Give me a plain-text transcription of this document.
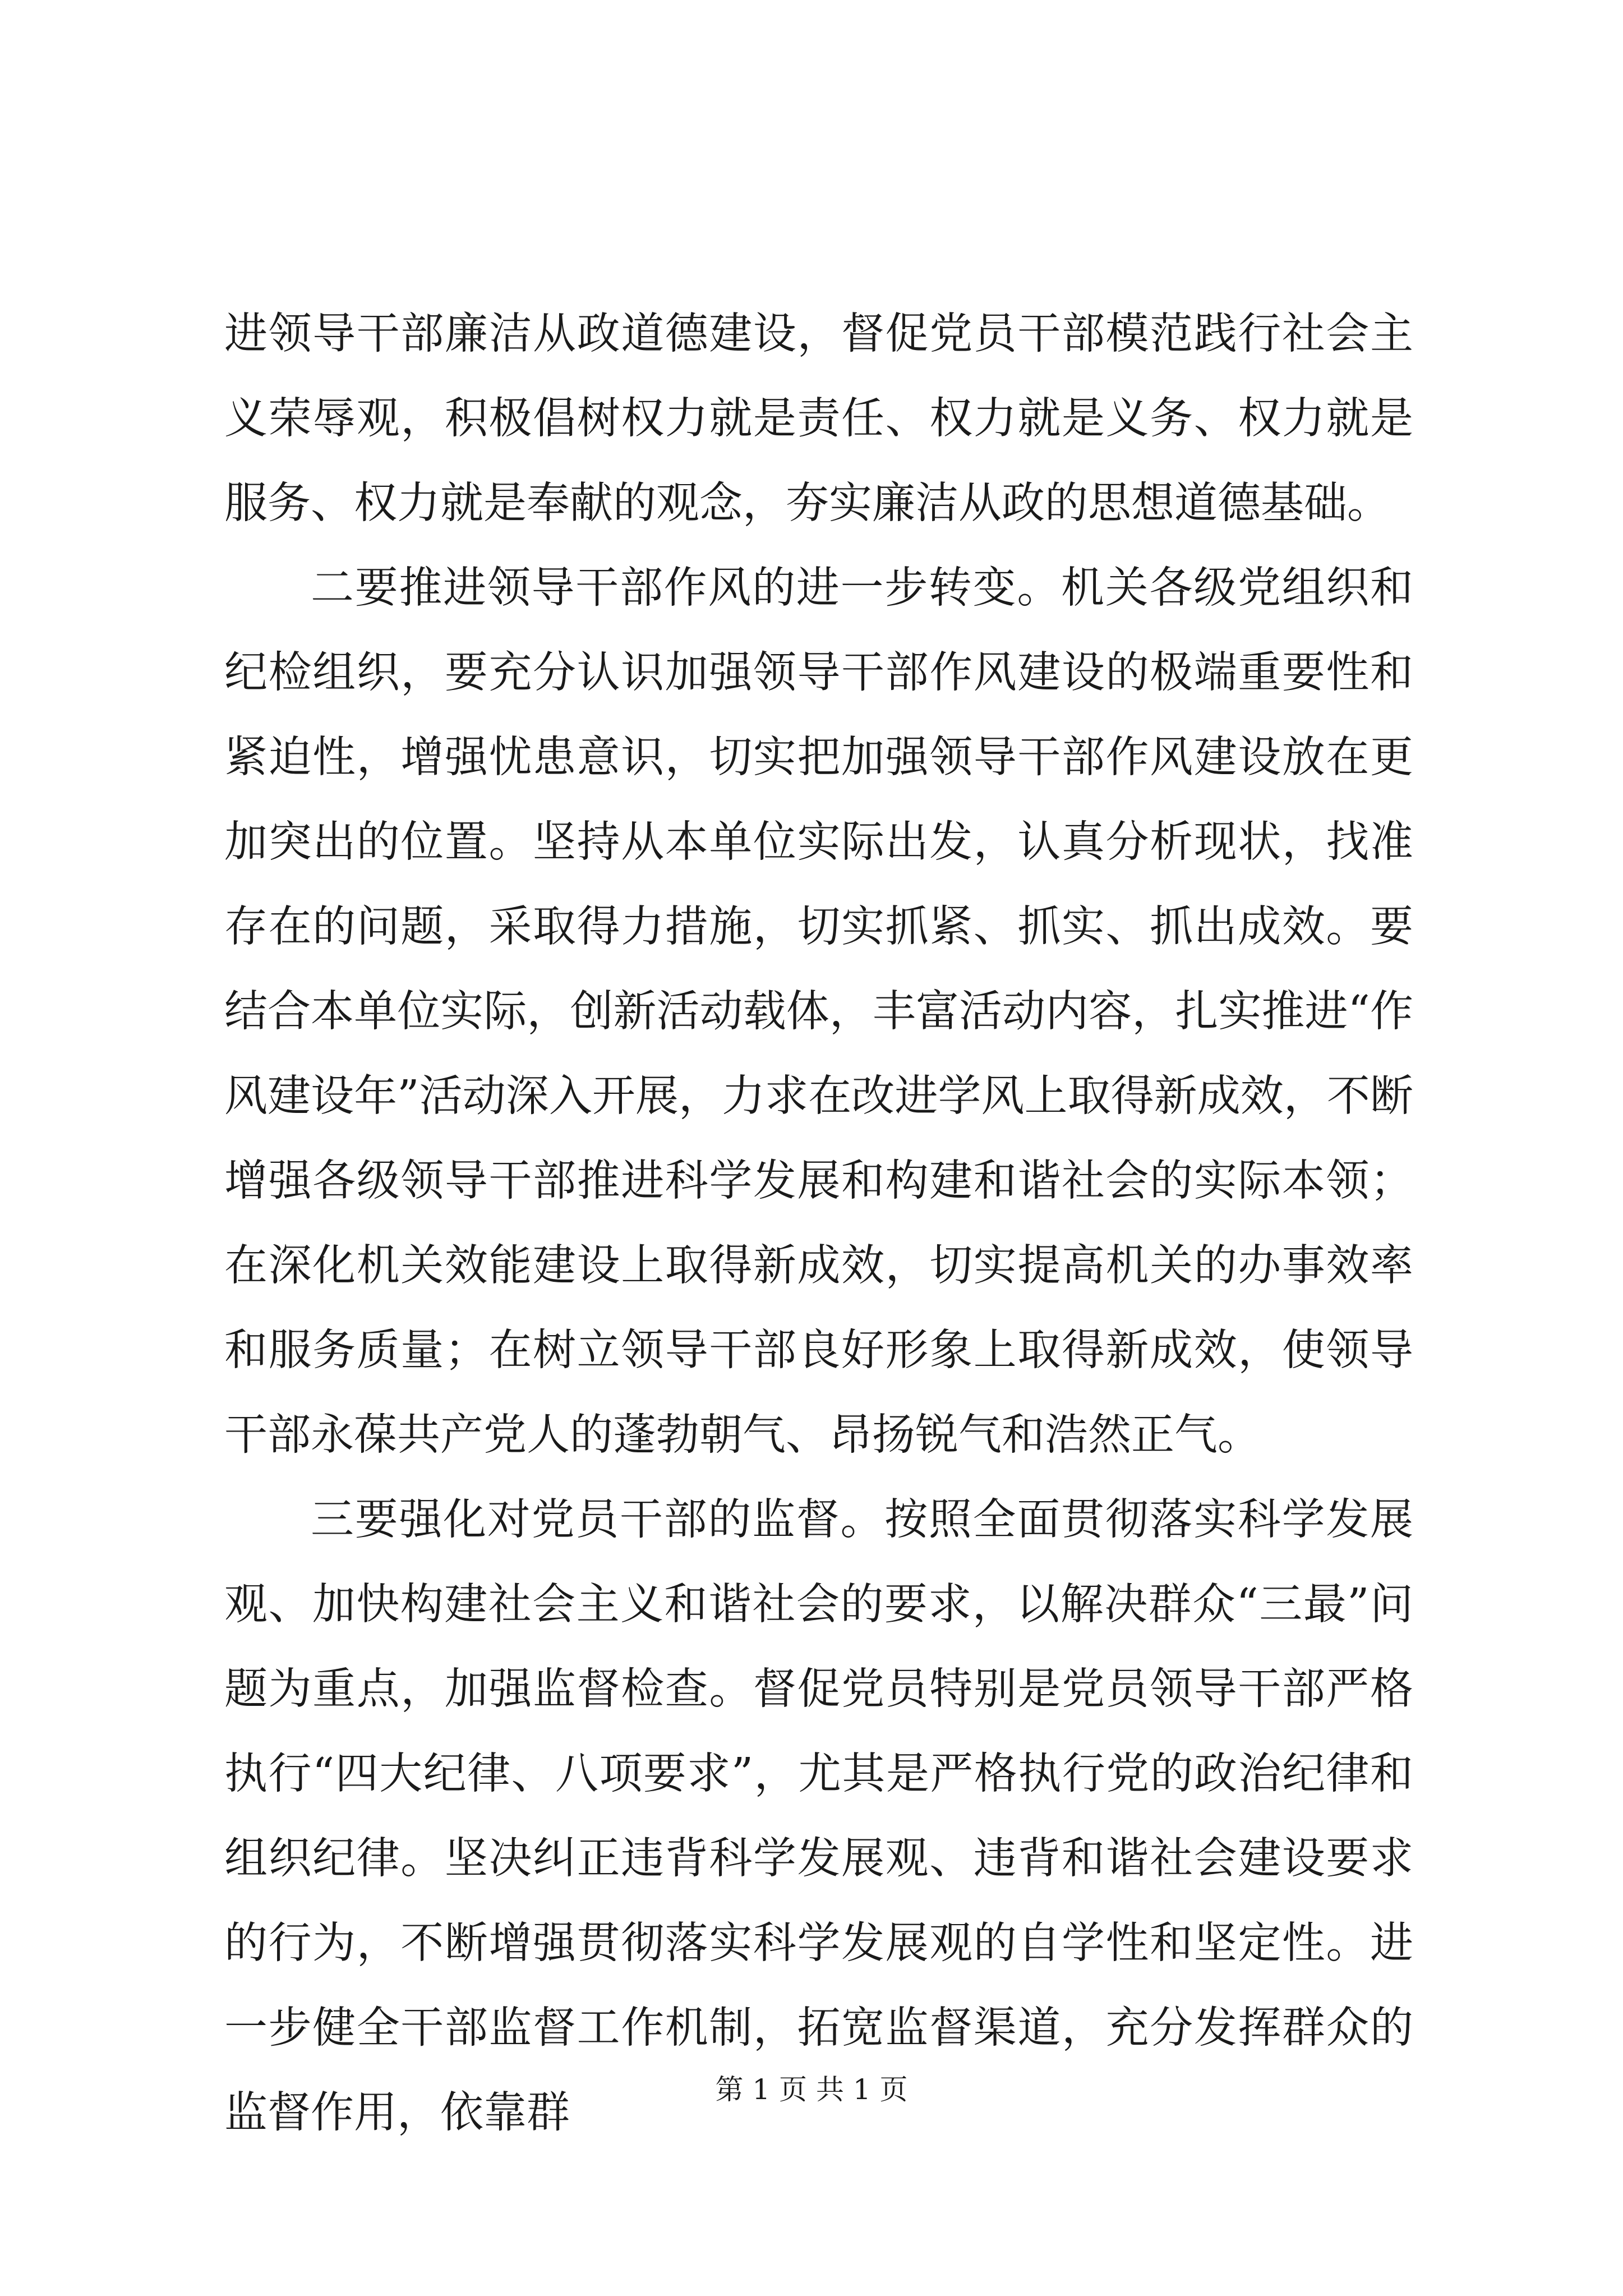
进领导干部廉洁从政道德建设，督促党员干部模范践行社会主义荣辱观，积极倡树权力就是责任、权力就是义务、权力就是服务、权力就是奉献的观念，夯实廉洁从政的思想道德基础。

二要推进领导干部作风的进一步转变。机关各级党组织和纪检组织，要充分认识加强领导干部作风建设的极端重要性和紧迫性，增强忧患意识，切实把加强领导干部作风建设放在更加突出的位置。坚持从本单位实际出发，认真分析现状，找准存在的问题，采取得力措施，切实抓紧、抓实、抓出成效。要结合本单位实际，创新活动载体，丰富活动内容，扎实推进“作风建设年”活动深入开展，力求在改进学风上取得新成效，不断增强各级领导干部推进科学发展和构建和谐社会的实际本领；在深化机关效能建设上取得新成效，切实提高机关的办事效率和服务质量；在树立领导干部良好形象上取得新成效，使领导干部永葆共产党人的蓬勃朝气、昂扬锐气和浩然正气。

三要强化对党员干部的监督。按照全面贯彻落实科学发展观、加快构建社会主义和谐社会的要求，以解决群众“三最”问题为重点，加强监督检查。督促党员特别是党员领导干部严格执行“四大纪律、八项要求”，尤其是严格执行党的政治纪律和组织纪律。坚决纠正违背科学发展观、违背和谐社会建设要求的行为，不断增强贯彻落实科学发展观的自学性和坚定性。进一步健全干部监督工作机制，拓宽监督渠道，充分发挥群众的监督作用，依靠群	第 1 页 共 1 页
